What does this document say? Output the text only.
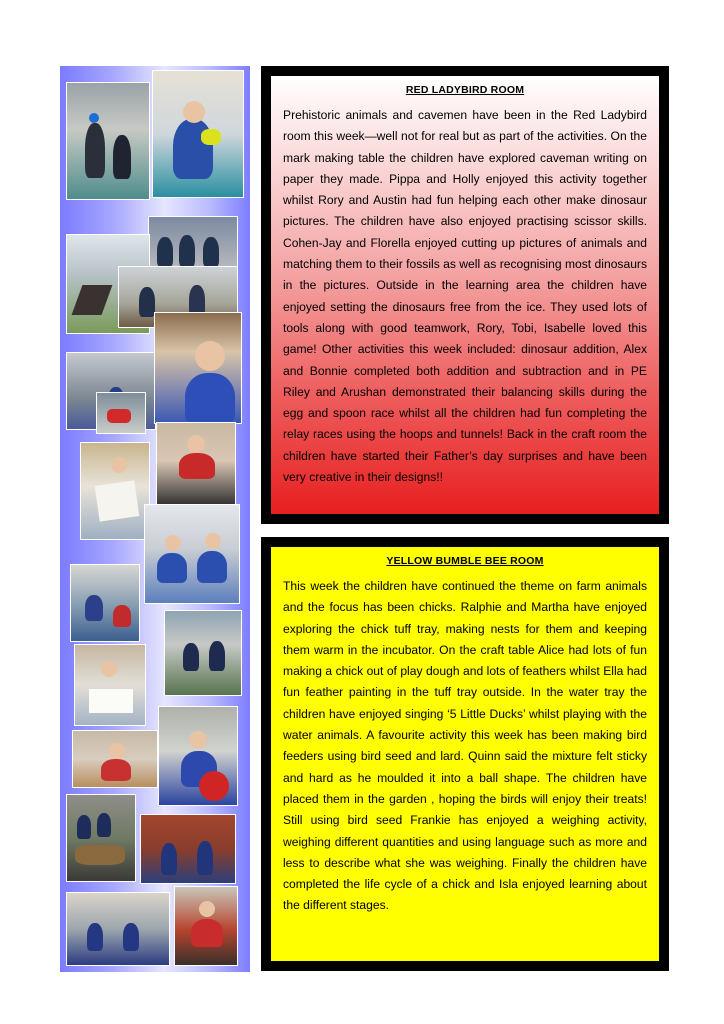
RED LADYBIRD ROOM

Prehistoric animals and cavemen have been in the Red Ladybird room this week—well not for real but as part of the activities. On the mark making table the children have explored caveman writing on paper they made. Pippa and Holly enjoyed this activity together whilst Rory and Austin had fun helping each other make dinosaur pictures. The children have also enjoyed practising scissor skills. Cohen-Jay and Florella enjoyed cutting up pictures of animals and matching them to their fossils as well as recognising most dinosaurs in the pictures. Outside in the learning area the children have enjoyed setting the dinosaurs free from the ice. They used lots of tools along with good teamwork, Rory, Tobi, Isabelle loved this game! Other activities this week included: dinosaur addition, Alex and Bonnie completed both addition and subtraction and in PE Riley and Arushan demonstrated their balancing skills during the egg and spoon race whilst all the children had fun completing the relay races using the hoops and tunnels! Back in the craft room the children have started their Father’s day surprises and have been very creative in their designs!!

YELLOW BUMBLE BEE ROOM

This week the children have continued the theme on farm animals and the focus has been chicks. Ralphie and Martha have enjoyed exploring the chick tuff tray, making nests for them and keeping them warm in the incubator. On the craft table Alice had lots of fun making a chick out of play dough and lots of feathers whilst Ella had fun feather painting in the tuff tray outside. In the water tray the children have enjoyed singing ‘5 Little Ducks’ whilst playing with the water animals. A favourite activity this week has been making bird feeders using bird seed and lard. Quinn said the mixture felt sticky and hard as he moulded it into a ball shape. The children have placed them in the garden , hoping the birds will enjoy their treats! Still using bird seed Frankie has enjoyed a weighing activity, weighing different quantities and using language such as more and less to describe what she was weighing. Finally the children have completed the life cycle of a chick and Isla enjoyed learning about the different stages.
